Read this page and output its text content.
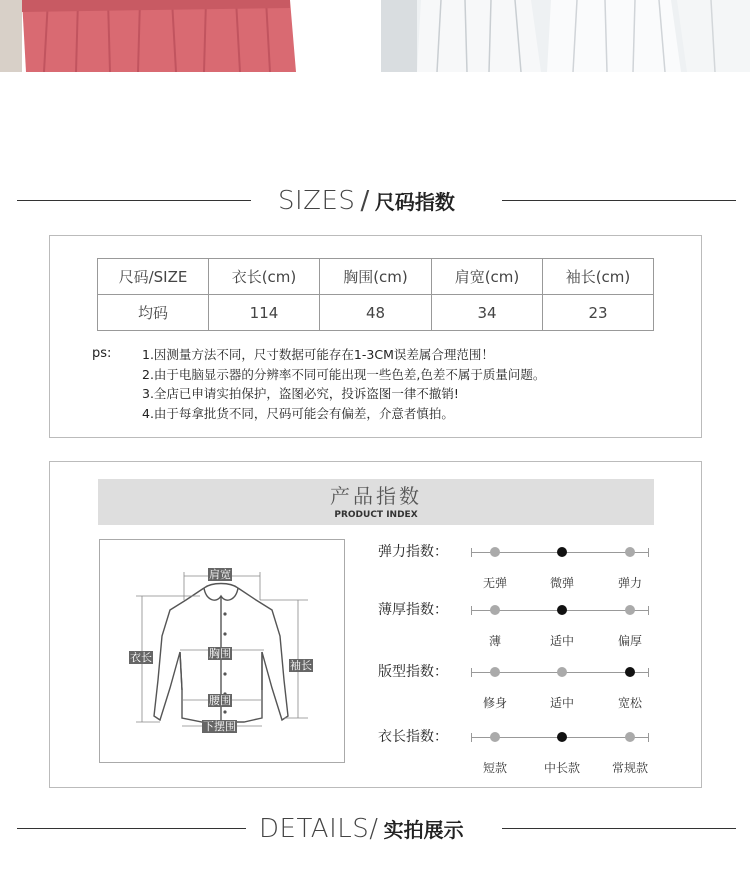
SIZES / 尺码指数
尺码/SIZE	衣长(cm)	胸围(cm)	肩宽(cm)	袖长(cm)
均码	114	48	34	23
ps: 1.因测量方法不同，尺寸数据可能存在1-3CM误差属合理范围！
2.由于电脑显示器的分辨率不同可能出现一些色差,色差不属于质量问题。
3.全店已申请实拍保护，盗图必究，投诉盗图一律不撤销!
4.由于每拿批货不同，尺码可能会有偏差，介意者慎拍。
产品指数
PRODUCT INDEX
肩宽
衣长	胸围
袖长
腰围
下摆围
弹力指数：
无弹	微弹	弹力
薄厚指数：
薄	适中	偏厚
版型指数：
修身	适中	宽松
衣长指数：
短款	中长款	常规款
DETAILS/ 实拍展示
